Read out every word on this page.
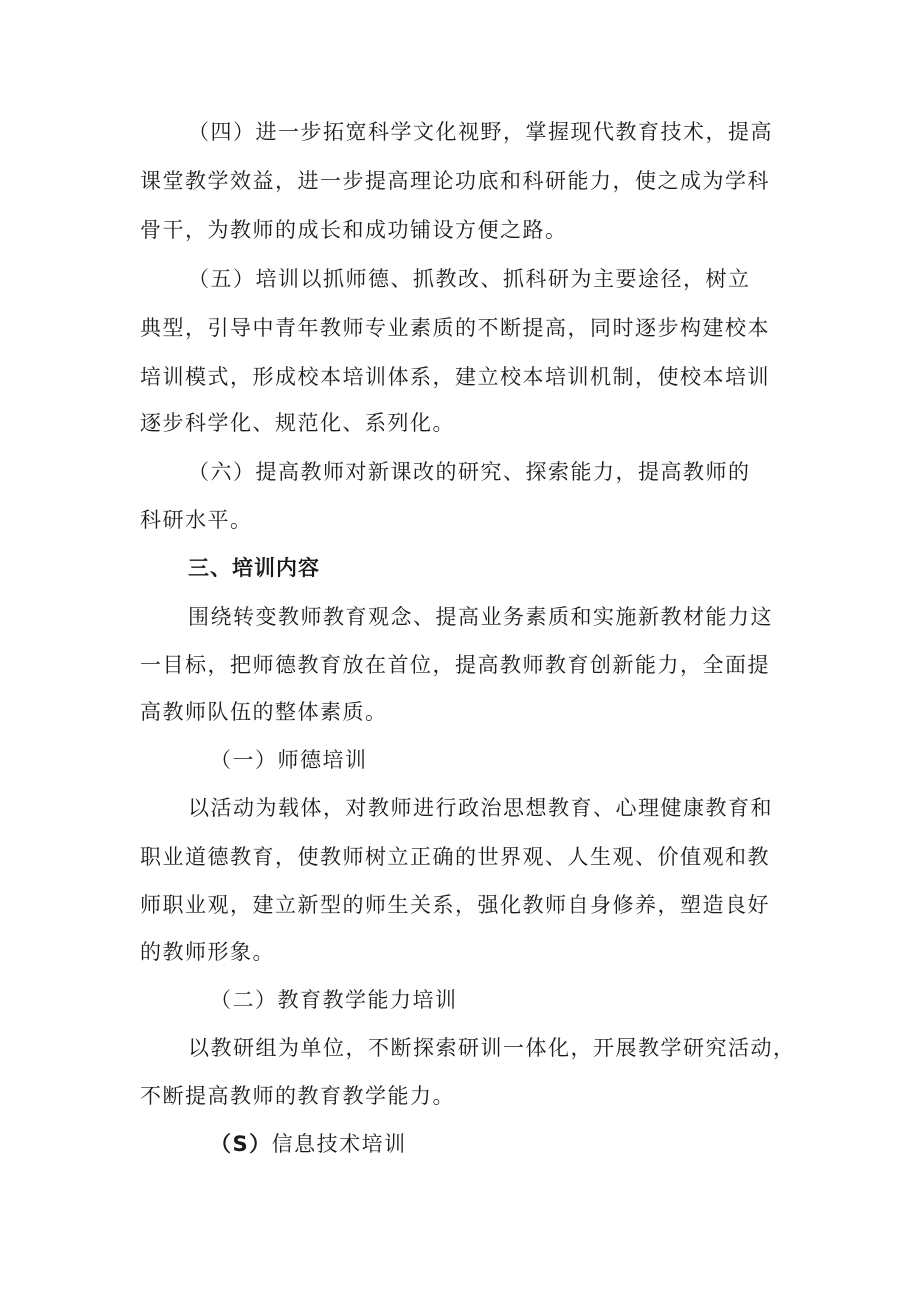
（四）进一步拓宽科学文化视野，掌握现代教育技术，提高
课堂教学效益，进一步提高理论功底和科研能力，使之成为学科
骨干，为教师的成长和成功铺设方便之路。
（五）培训以抓师德、抓教改、抓科研为主要途径，树立
典型，引导中青年教师专业素质的不断提高，同时逐步构建校本
培训模式，形成校本培训体系，建立校本培训机制，使校本培训
逐步科学化、规范化、系列化。
（六）提高教师对新课改的研究、探索能力，提高教师的
科研水平。
三、培训内容
围绕转变教师教育观念、提高业务素质和实施新教材能力这
一目标，把师德教育放在首位，提高教师教育创新能力，全面提
高教师队伍的整体素质。
（一）师德培训
以活动为载体，对教师进行政治思想教育、心理健康教育和
职业道德教育，使教师树立正确的世界观、人生观、价值观和教
师职业观，建立新型的师生关系，强化教师自身修养，塑造良好
的教师形象。
（二）教育教学能力培训
以教研组为单位，不断探索研训一体化，开展教学研究活动，
不断提高教师的教育教学能力。
（S）信息技术培训
